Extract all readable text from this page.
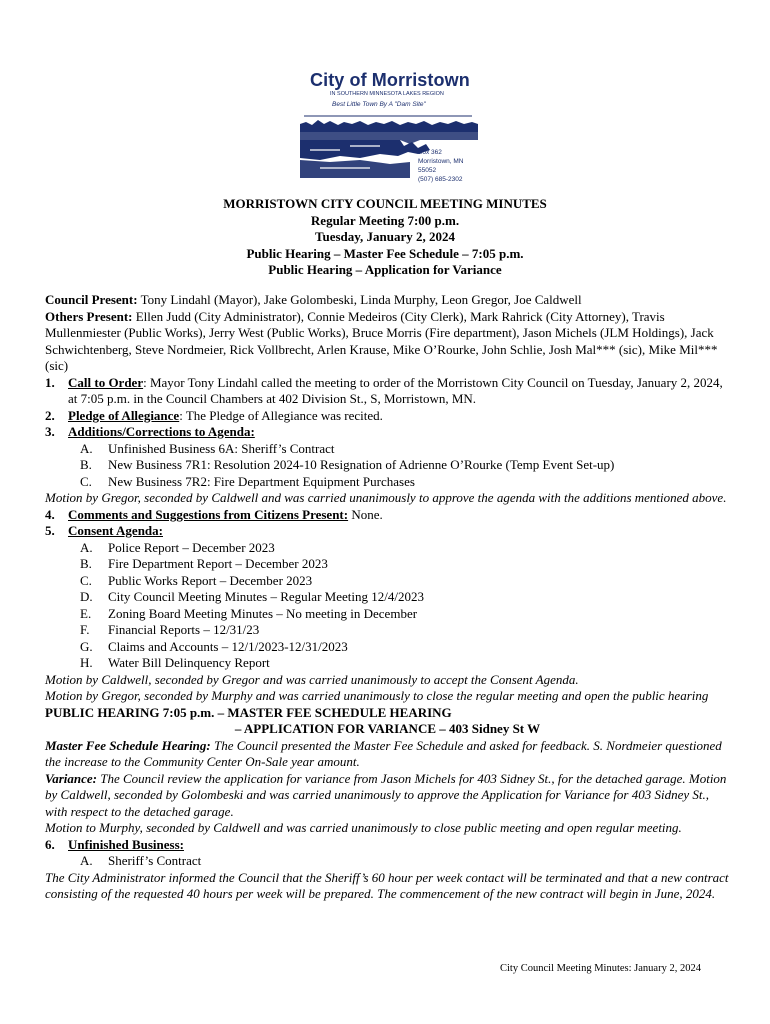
City of Morristown
IN SOUTHERN MINNESOTA LAKES REGION
Best Little Town By A "Dam Site"
Box 362
Morristown, MN 55052
(507) 685-2302
MORRISTOWN CITY COUNCIL MEETING MINUTES
Regular Meeting 7:00 p.m.
Tuesday, January 2, 2024
Public Hearing – Master Fee Schedule – 7:05 p.m.
Public Hearing – Application for Variance

Council Present: Tony Lindahl (Mayor), Jake Golombeski, Linda Murphy, Leon Gregor, Joe Caldwell

Others Present: Ellen Judd (City Administrator), Connie Medeiros (City Clerk), Mark Rahrick (City Attorney), Travis Mullenmiester (Public Works), Jerry West (Public Works), Bruce Morris (Fire department), Jason Michels (JLM Holdings), Jack Schwichtenberg, Steve Nordmeier, Rick Vollbrecht, Arlen Krause, Mike O’Rourke, John Schlie, Josh Mal*** (sic), Mike Mil*** (sic)

1.	Call to Order: Mayor Tony Lindahl called the meeting to order of the Morristown City Council on Tuesday, January 2, 2024, at 7:05 p.m. in the Council Chambers at 402 Division St., S, Morristown, MN.
2.	Pledge of Allegiance: The Pledge of Allegiance was recited.
3.	Additions/Corrections to Agenda:
A.	Unfinished Business 6A: Sheriff’s Contract
B.	New Business 7R1: Resolution 2024-10 Resignation of Adrienne O’Rourke (Temp Event Set-up)
C.	New Business 7R2: Fire Department Equipment Purchases

Motion by Gregor, seconded by Caldwell and was carried unanimously to approve the agenda with the additions mentioned above.

4.	Comments and Suggestions from Citizens Present: None.
5.	Consent Agenda:
A.	Police Report – December 2023
B.	Fire Department Report – December 2023
C.	Public Works Report – December 2023
D.	City Council Meeting Minutes – Regular Meeting 12/4/2023
E.	Zoning Board Meeting Minutes – No meeting in December
F.	Financial Reports – 12/31/23
G.	Claims and Accounts – 12/1/2023-12/31/2023
H.	Water Bill Delinquency Report

Motion by Caldwell, seconded by Gregor and was carried unanimously to accept the Consent Agenda.

Motion by Gregor, seconded by Murphy and was carried unanimously to close the regular meeting and open the public hearing

PUBLIC HEARING 7:05 p.m. – MASTER FEE SCHEDULE HEARING
– APPLICATION FOR VARIANCE – 403 Sidney St W

Master Fee Schedule Hearing: The Council presented the Master Fee Schedule and asked for feedback. S. Nordmeier questioned the increase to the Community Center On-Sale year amount.

Variance: The Council review the application for variance from Jason Michels for 403 Sidney St., for the detached garage. Motion by Caldwell, seconded by Golombeski and was carried unanimously to approve the Application for Variance for 403 Sidney St., with respect to the detached garage.

Motion to Murphy, seconded by Caldwell and was carried unanimously to close public meeting and open regular meeting.

6.	Unfinished Business:
A.	Sheriff’s Contract

The City Administrator informed the Council that the Sheriff’s 60 hour per week contact will be terminated and that a new contract consisting of the requested 40 hours per week will be prepared. The commencement of the new contract will begin in June, 2024.

City Council Meeting Minutes: January 2, 2024
